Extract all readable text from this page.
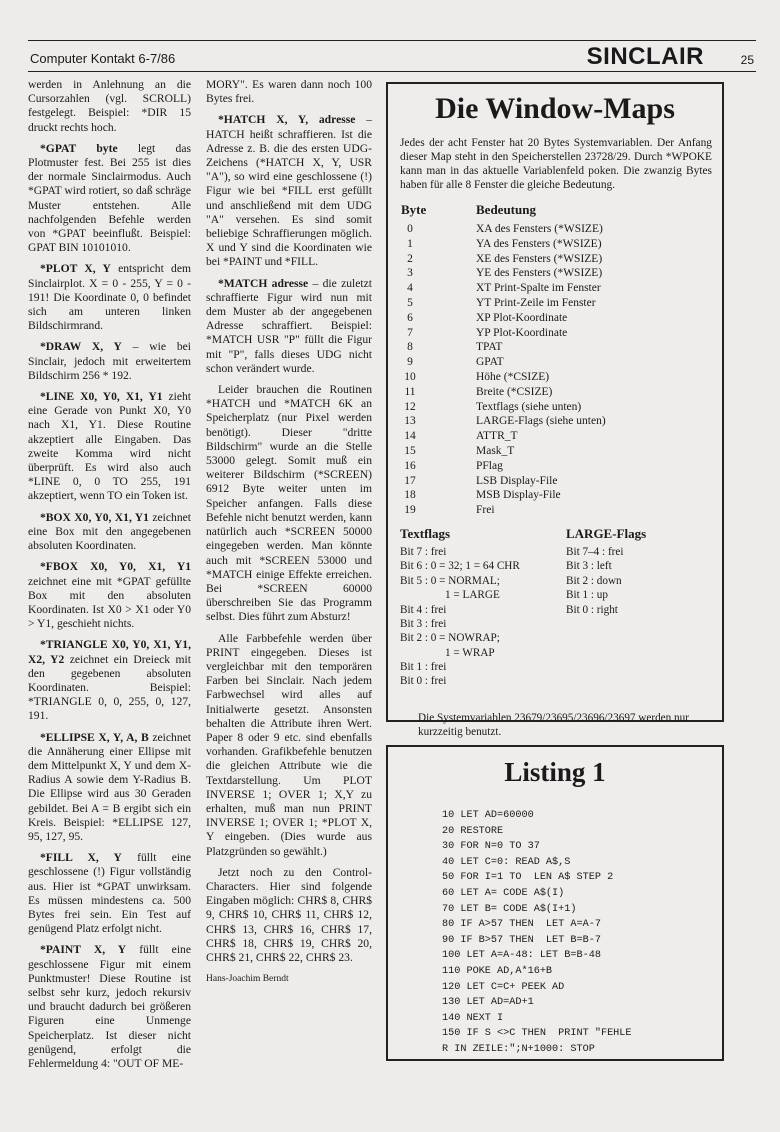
Computer Kontakt 6-7/86	SINCLAIR	25

werden in Anlehnung an die Cursorzahlen (vgl. SCROLL) festgelegt. Beispiel: *DIR 15 druckt rechts hoch.

*GPAT byte legt das Plotmuster fest. Bei 255 ist dies der normale Sinclairmodus. Auch *GPAT wird rotiert, so daß schräge Muster entstehen. Alle nachfolgenden Befehle werden von *GPAT beeinflußt. Beispiel: GPAT BIN 10101010.

*PLOT X, Y entspricht dem Sinclairplot. X = 0 - 255, Y = 0 - 191! Die Koordinate 0, 0 befindet sich am unteren linken Bildschirmrand.

*DRAW X, Y – wie bei Sinclair, jedoch mit erweitertem Bildschirm 256 * 192.

*LINE X0, Y0, X1, Y1 zieht eine Gerade von Punkt X0, Y0 nach X1, Y1. Diese Routine akzeptiert alle Eingaben. Das zweite Komma wird nicht überprüft. Es wird also auch *LINE 0, 0 TO 255, 191 akzeptiert, wenn TO ein Token ist.

*BOX X0, Y0, X1, Y1 zeichnet eine Box mit den angegebenen absoluten Koordinaten.

*FBOX X0, Y0, X1, Y1 zeichnet eine mit *GPAT gefüllte Box mit den absoluten Koordinaten. Ist X0 > X1 oder Y0 > Y1, geschieht nichts.

*TRIANGLE X0, Y0, X1, Y1, X2, Y2 zeichnet ein Dreieck mit den gegebenen absoluten Koordinaten. Beispiel: *TRIANGLE 0, 0, 255, 0, 127, 191.

*ELLIPSE X, Y, A, B zeichnet die Annäherung einer Ellipse mit dem Mittelpunkt X, Y und dem X-Radius A sowie dem Y-Radius B. Die Ellipse wird aus 30 Geraden gebildet. Bei A = B ergibt sich ein Kreis. Beispiel: *ELLIPSE 127, 95, 127, 95.

*FILL X, Y füllt eine geschlossene (!) Figur vollständig aus. Hier ist *GPAT unwirksam. Es müssen mindestens ca. 500 Bytes frei sein. Ein Test auf genügend Platz erfolgt nicht.

*PAINT X, Y füllt eine geschlossene Figur mit einem Punktmuster! Diese Routine ist selbst sehr kurz, jedoch rekursiv und braucht dadurch bei größeren Figuren eine Unmenge Speicherplatz. Ist dieser nicht genügend, erfolgt die Fehlermeldung 4: "OUT OF ME-

MORY". Es waren dann noch 100 Bytes frei.

*HATCH X, Y, adresse – HATCH heißt schraffieren. Ist die Adresse z. B. die des ersten UDG-Zeichens (*HATCH X, Y, USR "A"), so wird eine geschlossene (!) Figur wie bei *FILL erst gefüllt und anschließend mit dem UDG "A" versehen. Es sind somit beliebige Schraffierungen möglich. X und Y sind die Koordinaten wie bei *PAINT und *FILL.

*MATCH adresse – die zuletzt schraffierte Figur wird nun mit dem Muster ab der angegebenen Adresse schraffiert. Beispiel: *MATCH USR "P" füllt die Figur mit "P", falls dieses UDG nicht schon verändert wurde.

Leider brauchen die Routinen *HATCH und *MATCH 6K an Speicherplatz (nur Pixel werden benötigt). Dieser "dritte Bildschirm" wurde an die Stelle 53000 gelegt. Somit muß ein weiterer Bildschirm (*SCREEN) 6912 Byte weiter unten im Speicher anfangen. Falls diese Befehle nicht benutzt werden, kann natürlich auch *SCREEN 50000 eingegeben werden. Man könnte auch mit *SCREEN 53000 und *MATCH einige Effekte erreichen. Bei *SCREEN 60000 überschreiben Sie das Programm selbst. Dies führt zum Absturz!

Alle Farbbefehle werden über PRINT eingegeben. Dieses ist vergleichbar mit den temporären Farben bei Sinclair. Nach jedem Farbwechsel wird alles auf Initialwerte gesetzt. Ansonsten behalten die Attribute ihren Wert. Paper 8 oder 9 etc. sind ebenfalls vorhanden. Grafikbefehle benutzen die gleichen Attribute wie die Textdarstellung. Um PLOT INVERSE 1; OVER 1; X,Y zu erhalten, muß man nun PRINT INVERSE 1; OVER 1; *PLOT X, Y eingeben. (Dies wurde aus Platzgründen so gewählt.)

Jetzt noch zu den Control-Characters. Hier sind folgende Eingaben möglich: CHR$ 8, CHR$ 9, CHR$ 10, CHR$ 11, CHR$ 12, CHR$ 13, CHR$ 16, CHR$ 17, CHR$ 18, CHR$ 19, CHR$ 20, CHR$ 21, CHR$ 22, CHR$ 23.

Hans-Joachim Berndt

Die Window-Maps
Jedes der acht Fenster hat 20 Bytes Systemvariablen. Der Anfang dieser Map steht in den Speicherstellen 23728/29. Durch *WPOKE kann man in das aktuelle Variablenfeld poken. Die zwanzig Bytes haben für alle 8 Fenster die gleiche Bedeutung.
Byte	Bedeutung
0	XA des Fensters (*WSIZE)
1	YA des Fensters (*WSIZE)
2	XE des Fensters (*WSIZE)
3	YE des Fensters (*WSIZE)
4	XT Print-Spalte im Fenster
5	YT Print-Zeile im Fenster
6	XP Plot-Koordinate
7	YP Plot-Koordinate
8	TPAT
9	GPAT
10	Höhe (*CSIZE)
11	Breite (*CSIZE)
12	Textflags (siehe unten)
13	LARGE-Flags (siehe unten)
14	ATTR_T
15	Mask_T
16	PFlag
17	LSB Display-File
18	MSB Display-File
19	Frei
Textflags
Bit 7 : frei
Bit 6 : 0 = 32; 1 = 64 CHR
Bit 5 : 0 = NORMAL;
1 = LARGE
Bit 4 : frei
Bit 3 : frei
Bit 2 : 0 = NOWRAP;
1 = WRAP
Bit 1 : frei
Bit 0 : frei
LARGE-Flags
Bit 7–4 : frei
Bit 3 : left
Bit 2 : down
Bit 1 : up
Bit 0 : right
Die Systemvariablen 23679/23695/23696/23697 werden nur kurzzeitig benutzt.
Listing 1
10 LET AD=60000
20 RESTORE
30 FOR N=0 TO 37
40 LET C=0: READ A$,S
50 FOR I=1 TO  LEN A$ STEP 2
60 LET A= CODE A$(I)
70 LET B= CODE A$(I+1)
80 IF A>57 THEN  LET A=A-7
90 IF B>57 THEN  LET B=B-7
100 LET A=A-48: LET B=B-48
110 POKE AD,A*16+B
120 LET C=C+ PEEK AD
130 LET AD=AD+1
140 NEXT I
150 IF S <>C THEN  PRINT "FEHLE
R IN ZEILE:";N+1000: STOP
